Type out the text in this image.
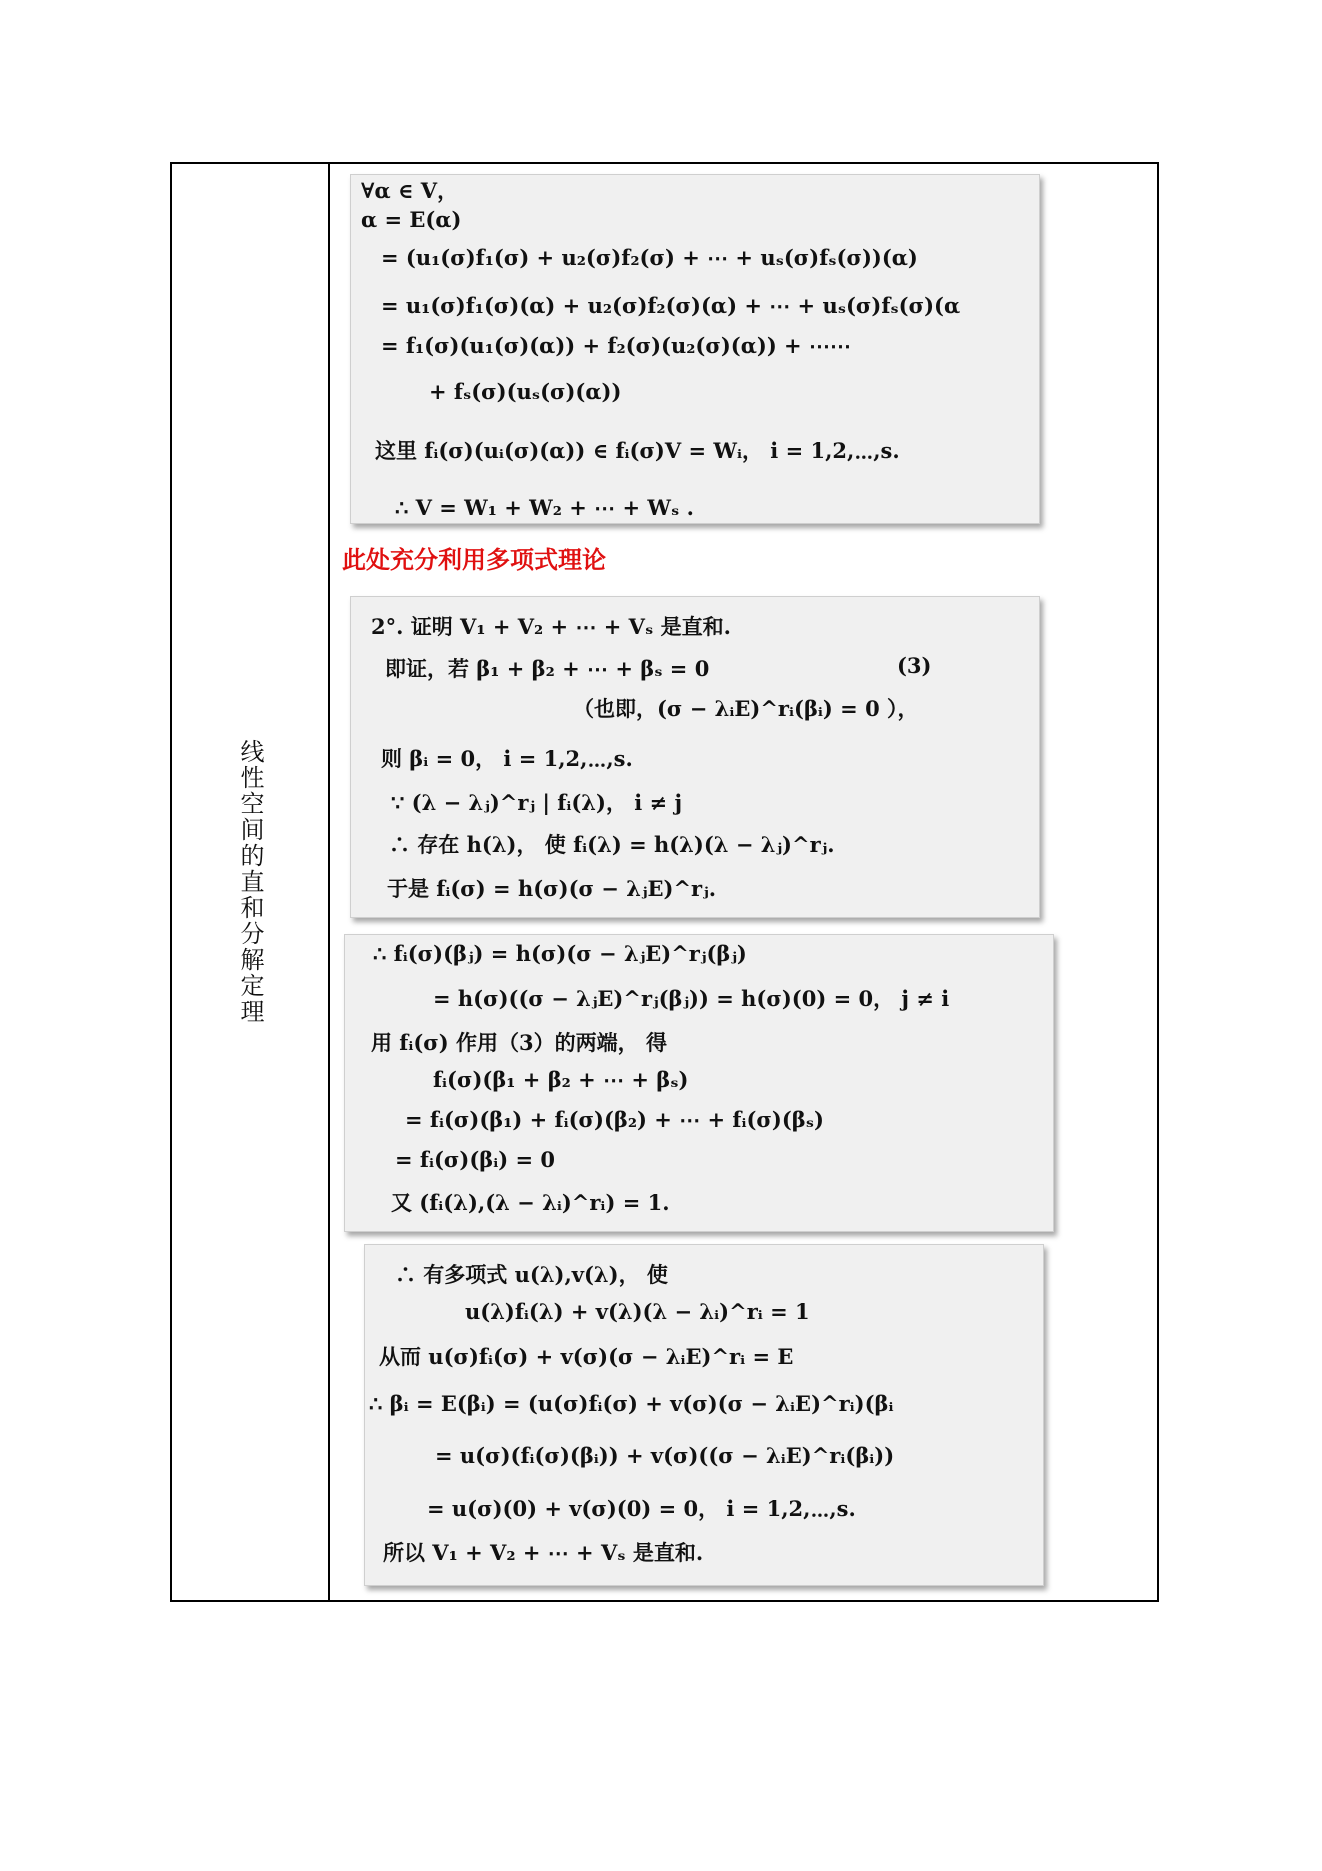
线性空间的直和分解定理
∀α ∈ V，
α = E(α)
= (u₁(σ)f₁(σ) + u₂(σ)f₂(σ) + ⋯ + uₛ(σ)fₛ(σ))(α)
= u₁(σ)f₁(σ)(α) + u₂(σ)f₂(σ)(α) + ⋯ + uₛ(σ)fₛ(σ)(α
= f₁(σ)(u₁(σ)(α)) + f₂(σ)(u₂(σ)(α)) + ⋯⋯
+ fₛ(σ)(uₛ(σ)(α))
这里 fᵢ(σ)(uᵢ(σ)(α)) ∈ fᵢ(σ)V = Wᵢ， i = 1,2,⋯,s.
∴ V = W₁ + W₂ + ⋯ + Wₛ .
此处充分利用多项式理论
2°. 证明 V₁ + V₂ + ⋯ + Vₛ 是直和.
即证，若 β₁ + β₂ + ⋯ + βₛ = 0	(3)
（也即，(σ − λᵢE)^rᵢ(βᵢ) = 0 ），
则 βᵢ = 0， i = 1,2,⋯,s.
∵ (λ − λⱼ)^rⱼ | fᵢ(λ)， i ≠ j
∴ 存在 h(λ)， 使 fᵢ(λ) = h(λ)(λ − λⱼ)^rⱼ.
于是 fᵢ(σ) = h(σ)(σ − λⱼE)^rⱼ.
∴ fᵢ(σ)(βⱼ) = h(σ)(σ − λⱼE)^rⱼ(βⱼ)
= h(σ)((σ − λⱼE)^rⱼ(βⱼ)) = h(σ)(0) = 0， j ≠ i
用 fᵢ(σ) 作用（3）的两端， 得
fᵢ(σ)(β₁ + β₂ + ⋯ + βₛ)
= fᵢ(σ)(β₁) + fᵢ(σ)(β₂) + ⋯ + fᵢ(σ)(βₛ)
= fᵢ(σ)(βᵢ) = 0
又 (fᵢ(λ),(λ − λᵢ)^rᵢ) = 1.
∴ 有多项式 u(λ),v(λ)， 使
u(λ)fᵢ(λ) + v(λ)(λ − λᵢ)^rᵢ = 1
从而 u(σ)fᵢ(σ) + v(σ)(σ − λᵢE)^rᵢ = E
∴ βᵢ = E(βᵢ) = (u(σ)fᵢ(σ) + v(σ)(σ − λᵢE)^rᵢ)(βᵢ
= u(σ)(fᵢ(σ)(βᵢ)) + v(σ)((σ − λᵢE)^rᵢ(βᵢ))
= u(σ)(0) + v(σ)(0) = 0， i = 1,2,⋯,s.
所以 V₁ + V₂ + ⋯ + Vₛ 是直和.
